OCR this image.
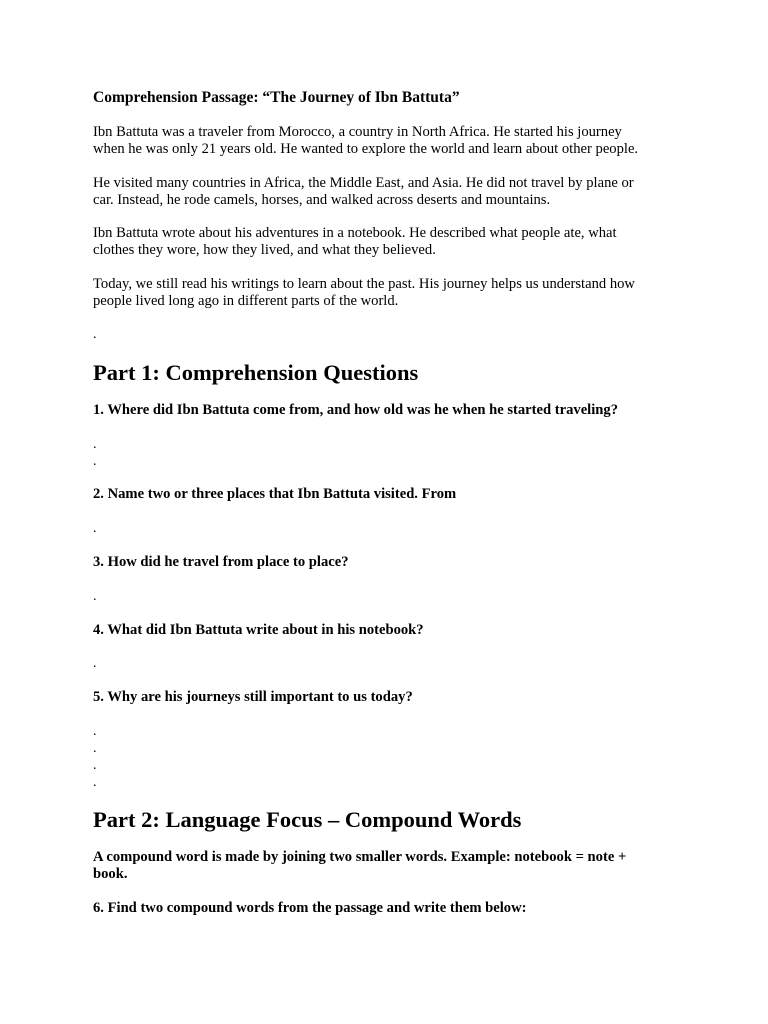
Comprehension Passage: “The Journey of Ibn Battuta”

Ibn Battuta was a traveler from Morocco, a country in North Africa. He started his journey
when he was only 21 years old. He wanted to explore the world and learn about other people.
He visited many countries in Africa, the Middle East, and Asia. He did not travel by plane or
car. Instead, he rode camels, horses, and walked across deserts and mountains.
Ibn Battuta wrote about his adventures in a notebook. He described what people ate, what
clothes they wore, how they lived, and what they believed.
Today, we still read his writings to learn about the past. His journey helps us understand how
people lived long ago in different parts of the world.
.
Part 1: Comprehension Questions

1. Where did Ibn Battuta come from, and how old was he when he started traveling?

.
.

2. Name two or three places that Ibn Battuta visited. From

.

3. How did he travel from place to place?

.

4. What did Ibn Battuta write about in his notebook?

.

5. Why are his journeys still important to us today?

.
.
.
.
Part 2: Language Focus – Compound Words
A compound word is made by joining two smaller words. Example: notebook = note +
book.

6. Find two compound words from the passage and write them below:
